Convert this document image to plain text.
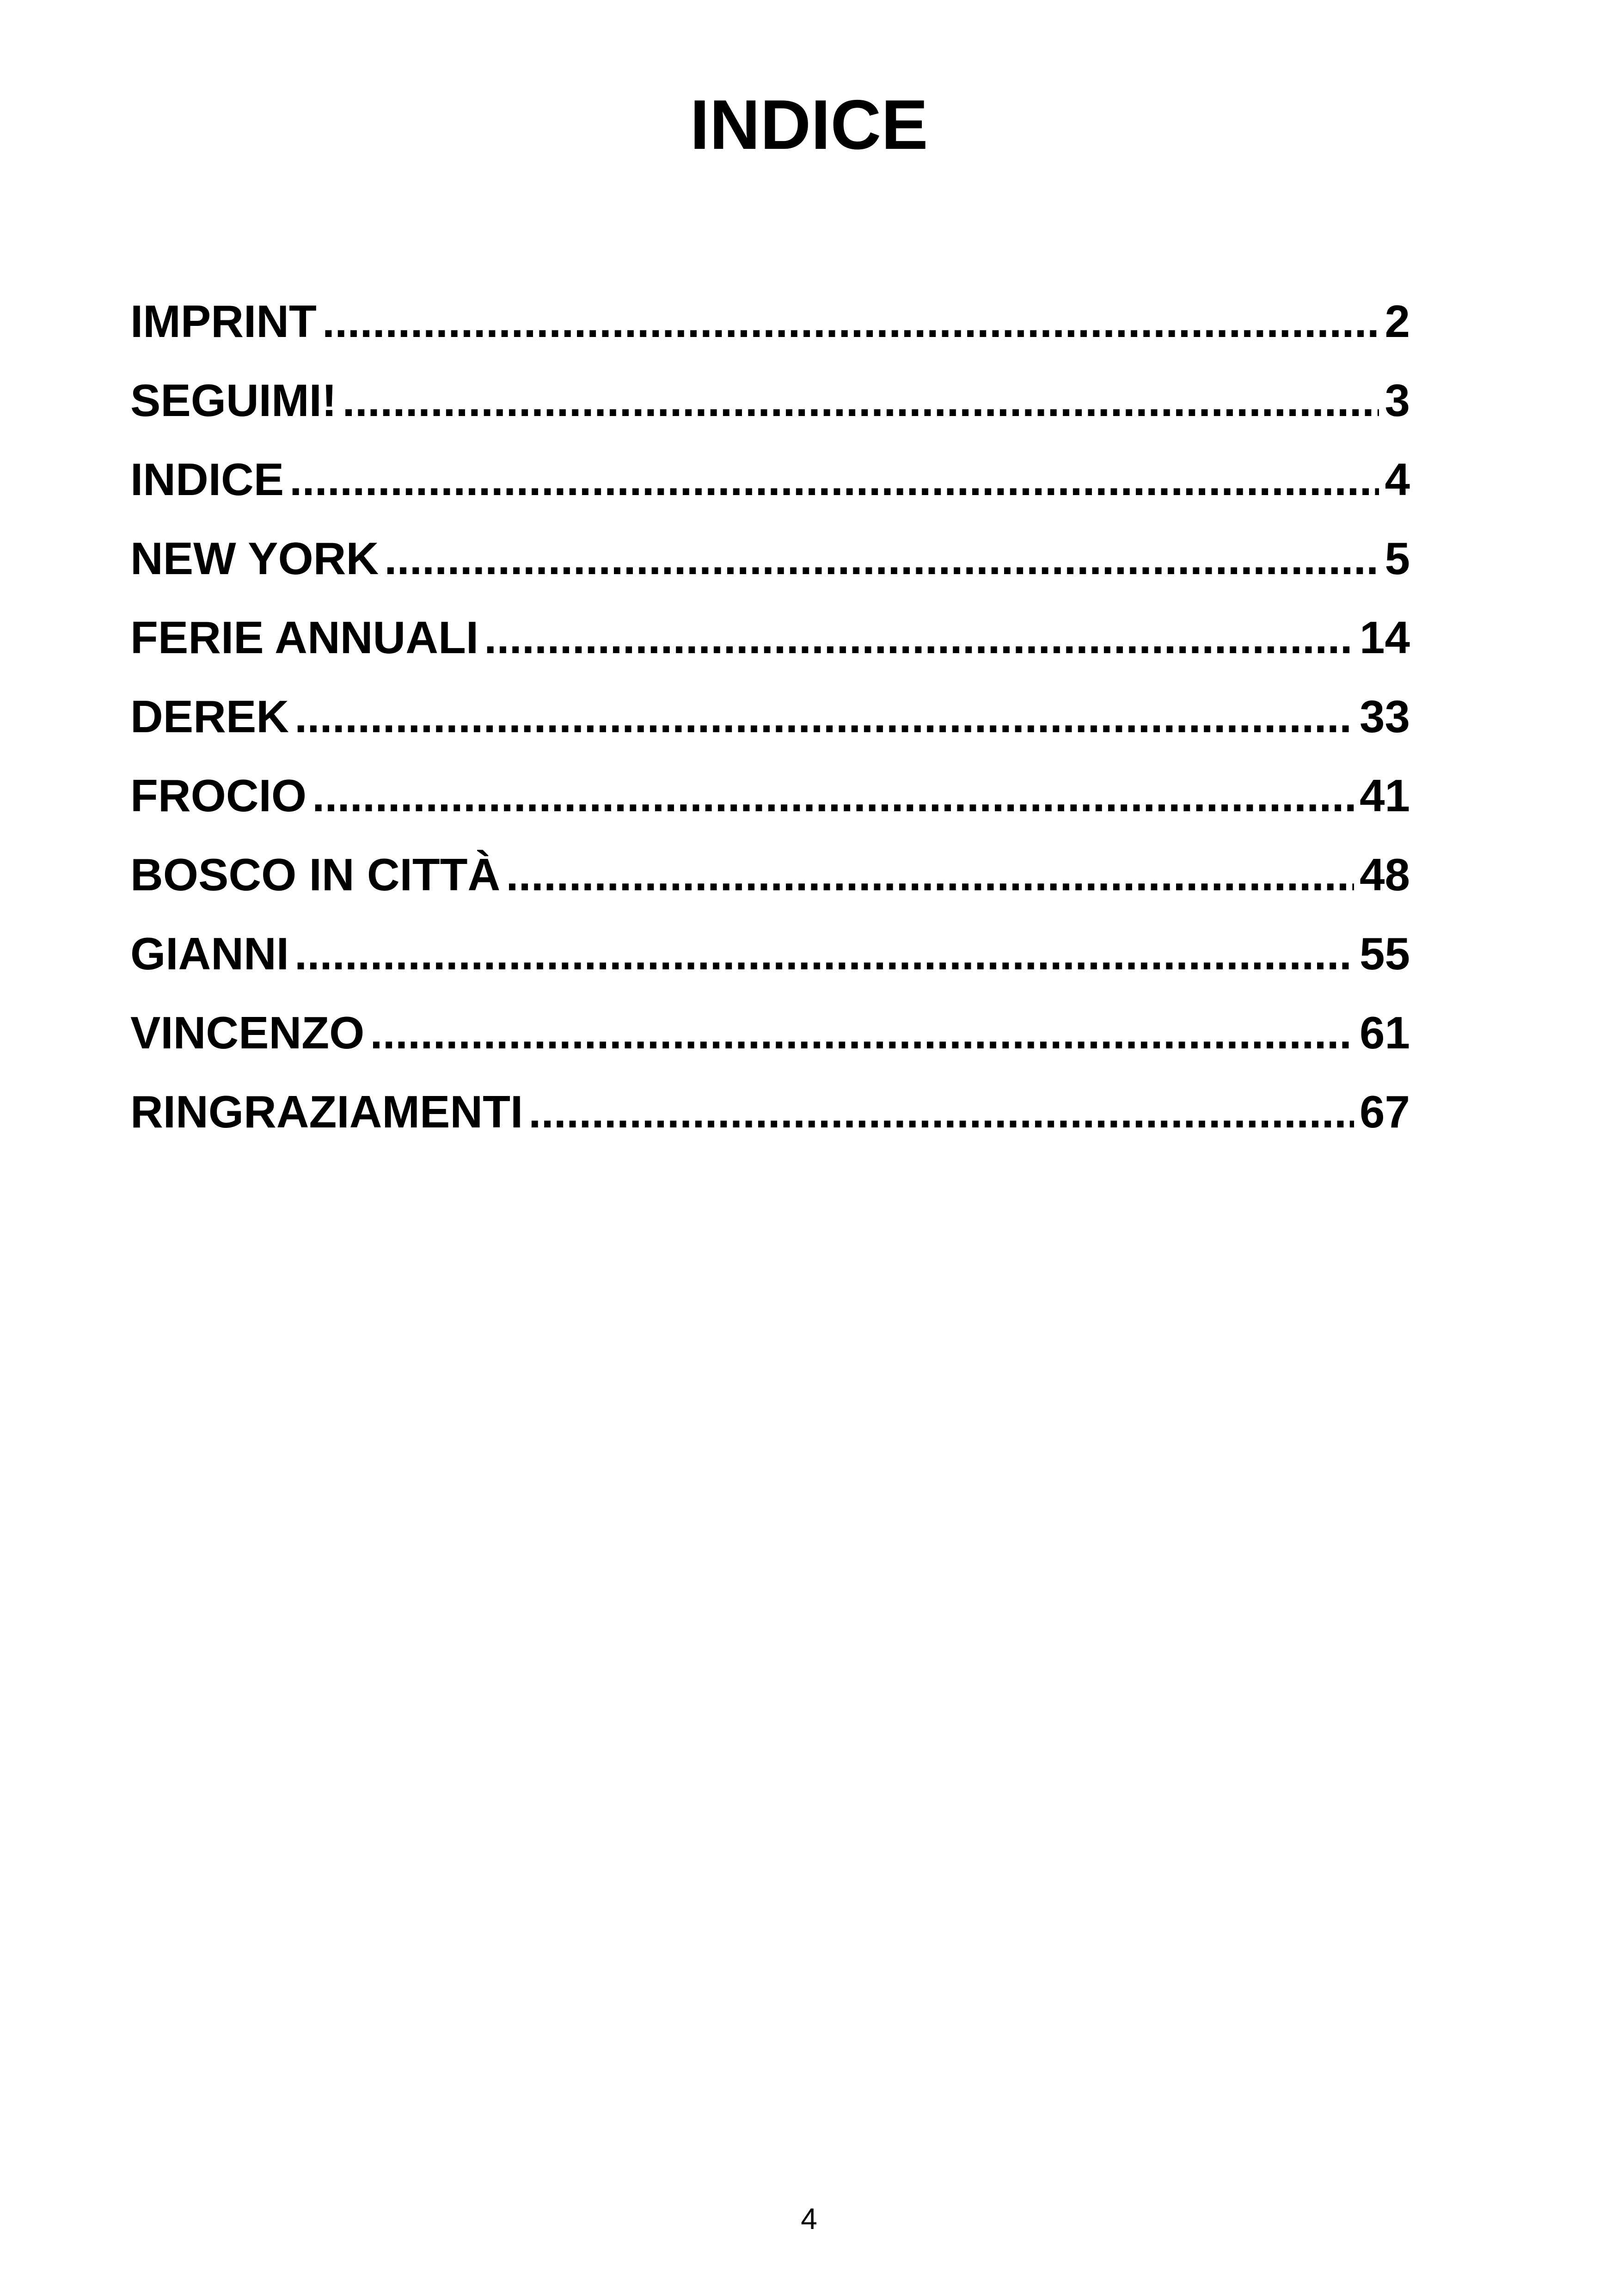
INDICE
IMPRINT .....	2
SEGUIMI! .....	3
INDICE .....	4
NEW YORK .....	5
FERIE ANNUALI .....	14
DEREK .....	33
FROCIO .....	41
BOSCO IN CITTÀ .....	48
GIANNI .....	55
VINCENZO .....	61
RINGRAZIAMENTI .....	67
4
